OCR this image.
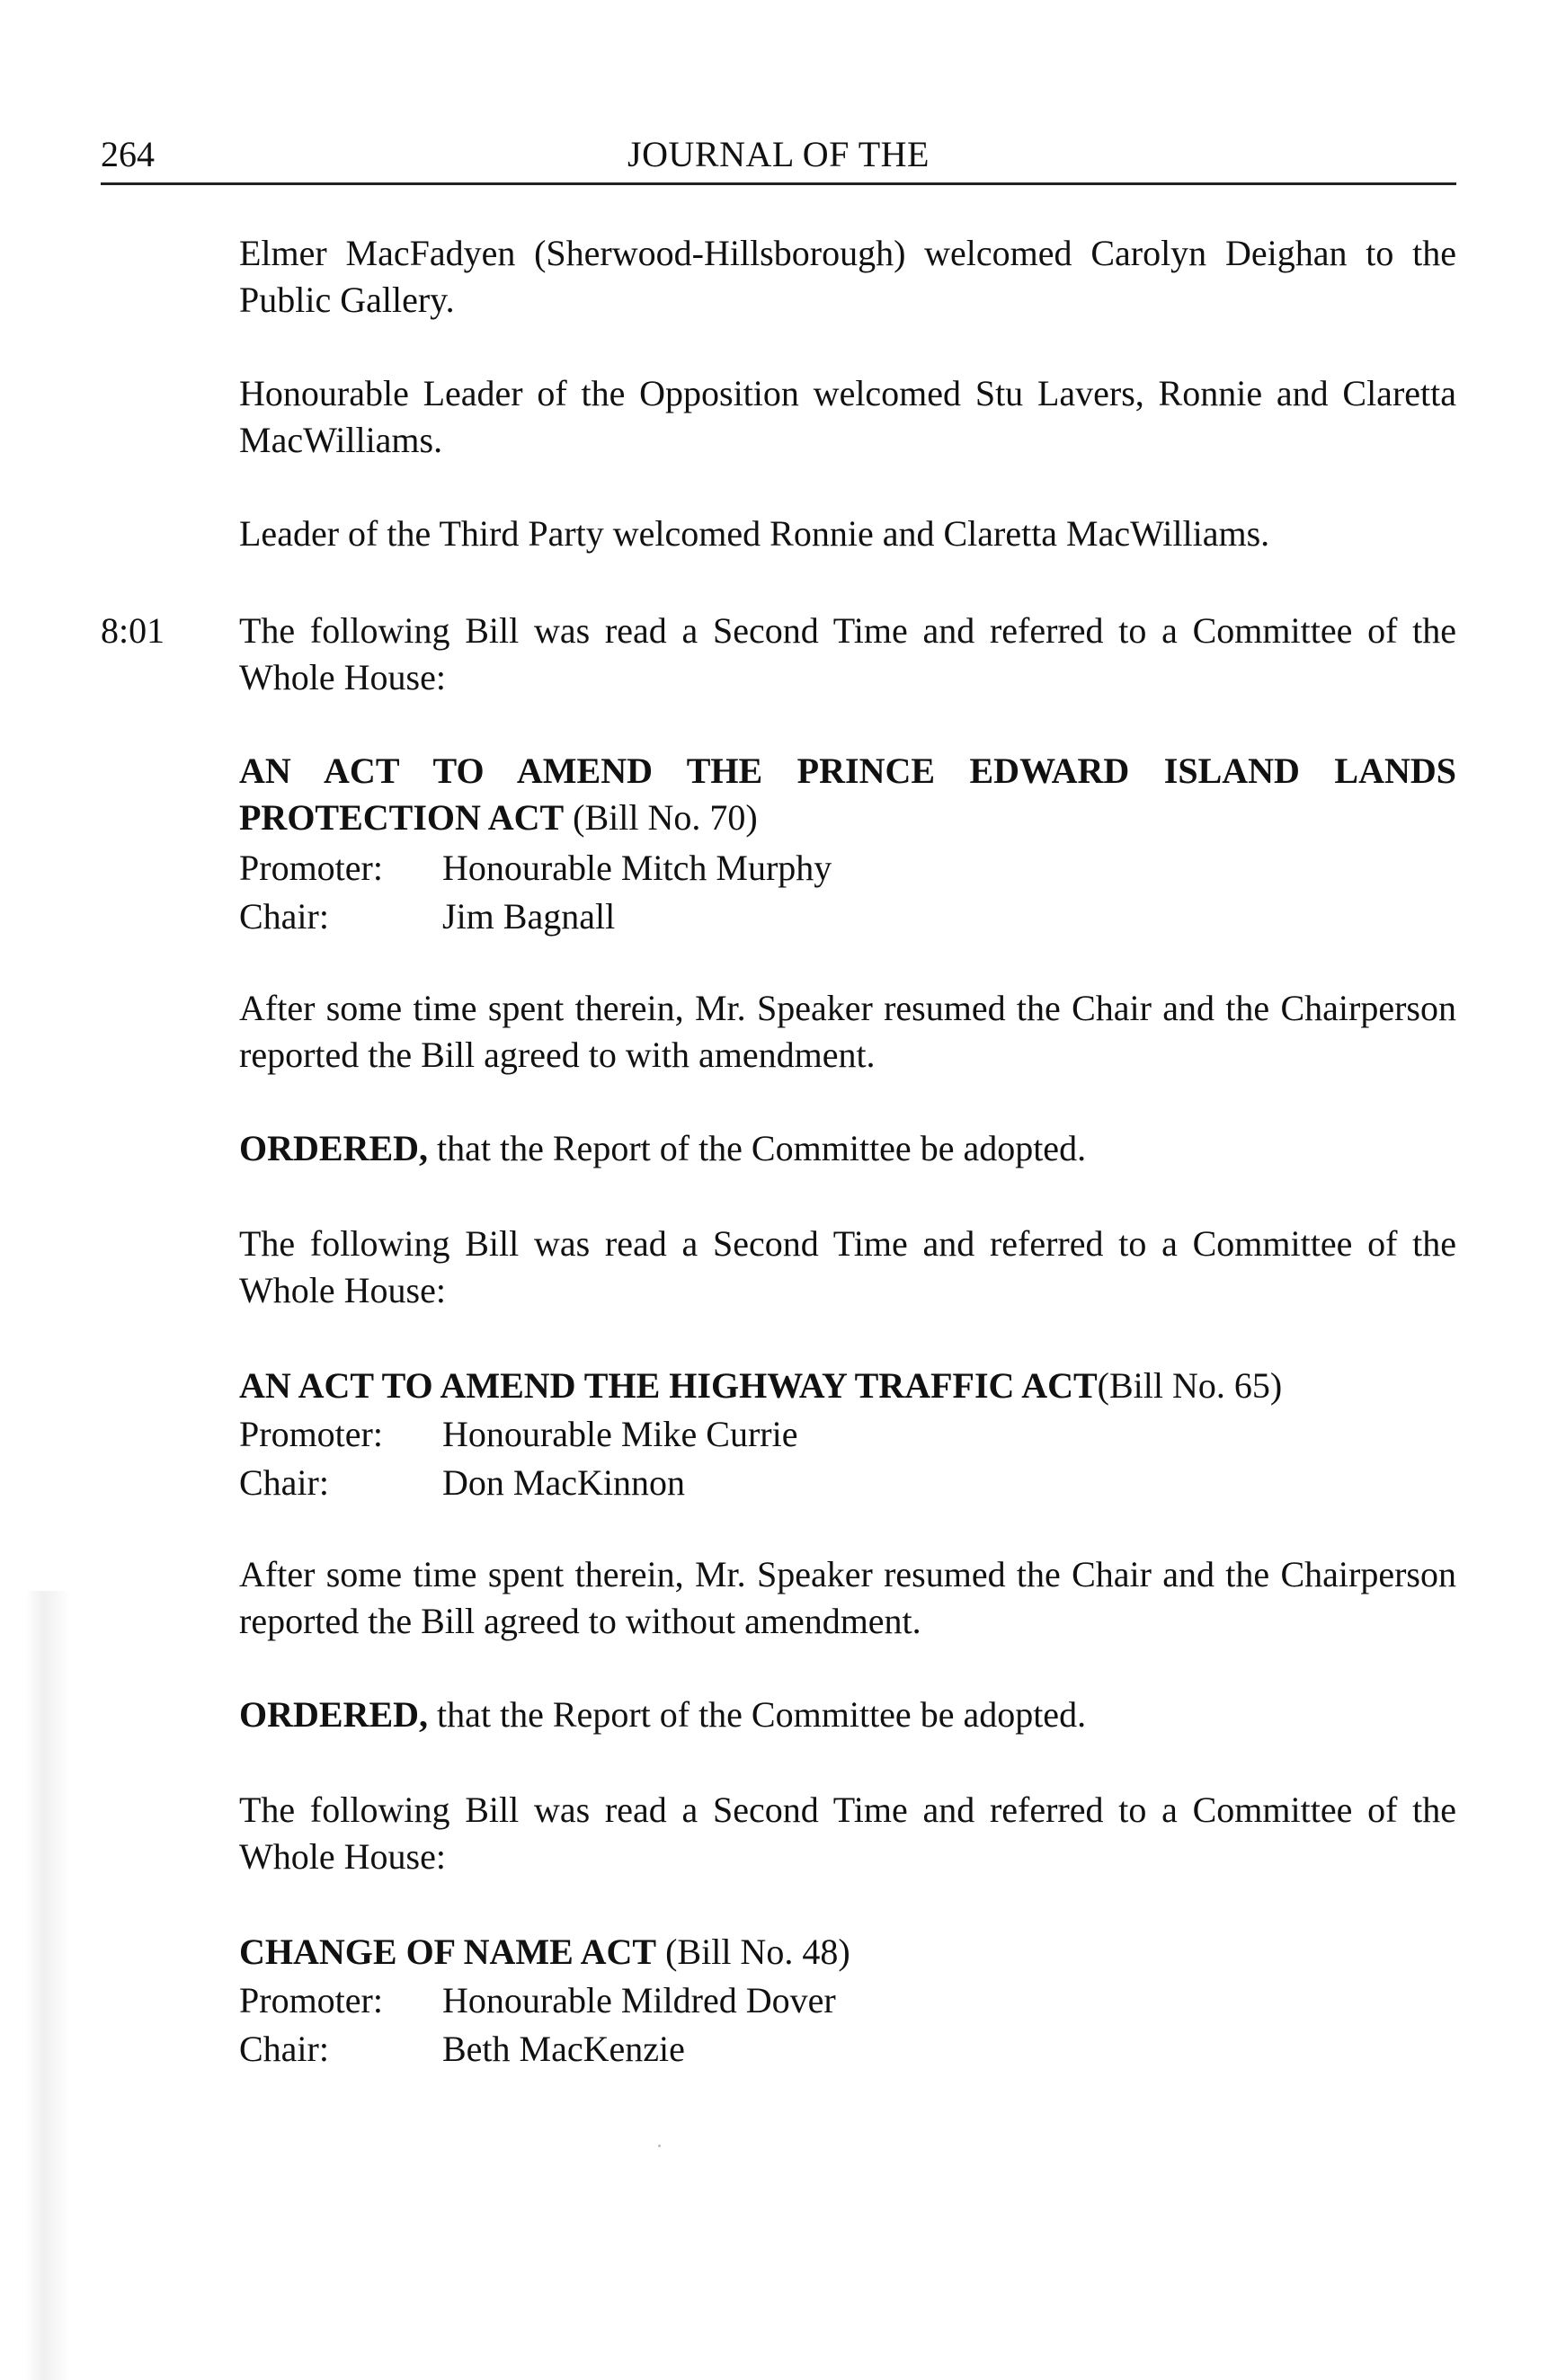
264	JOURNAL OF THE
8:01

Elmer MacFadyen (Sherwood-Hillsborough) welcomed Carolyn Deighan to the Public Gallery.

Honourable Leader of the Opposition welcomed Stu Lavers, Ronnie and Claretta MacWilliams.

Leader of the Third Party welcomed Ronnie and Claretta MacWilliams.

The following Bill was read a Second Time and referred to a Committee of the Whole House:

AN ACT TO AMEND THE PRINCE EDWARD ISLAND LANDS PROTECTION ACT (Bill No. 70)

Promoter: Honourable Mitch Murphy
Chair:	Jim Bagnall

After some time spent therein, Mr. Speaker resumed the Chair and the Chairperson reported the Bill agreed to with amendment.

ORDERED, that the Report of the Committee be adopted.

The following Bill was read a Second Time and referred to a Committee of the Whole House:

AN ACT TO AMEND THE HIGHWAY TRAFFIC ACT(Bill No. 65)

Promoter: Honourable Mike Currie
Chair:	Don MacKinnon

After some time spent therein, Mr. Speaker resumed the Chair and the Chairperson reported the Bill agreed to without amendment.

ORDERED, that the Report of the Committee be adopted.

The following Bill was read a Second Time and referred to a Committee of the Whole House:

CHANGE OF NAME ACT (Bill No. 48)

Promoter: Honourable Mildred Dover
Chair:	Beth MacKenzie
